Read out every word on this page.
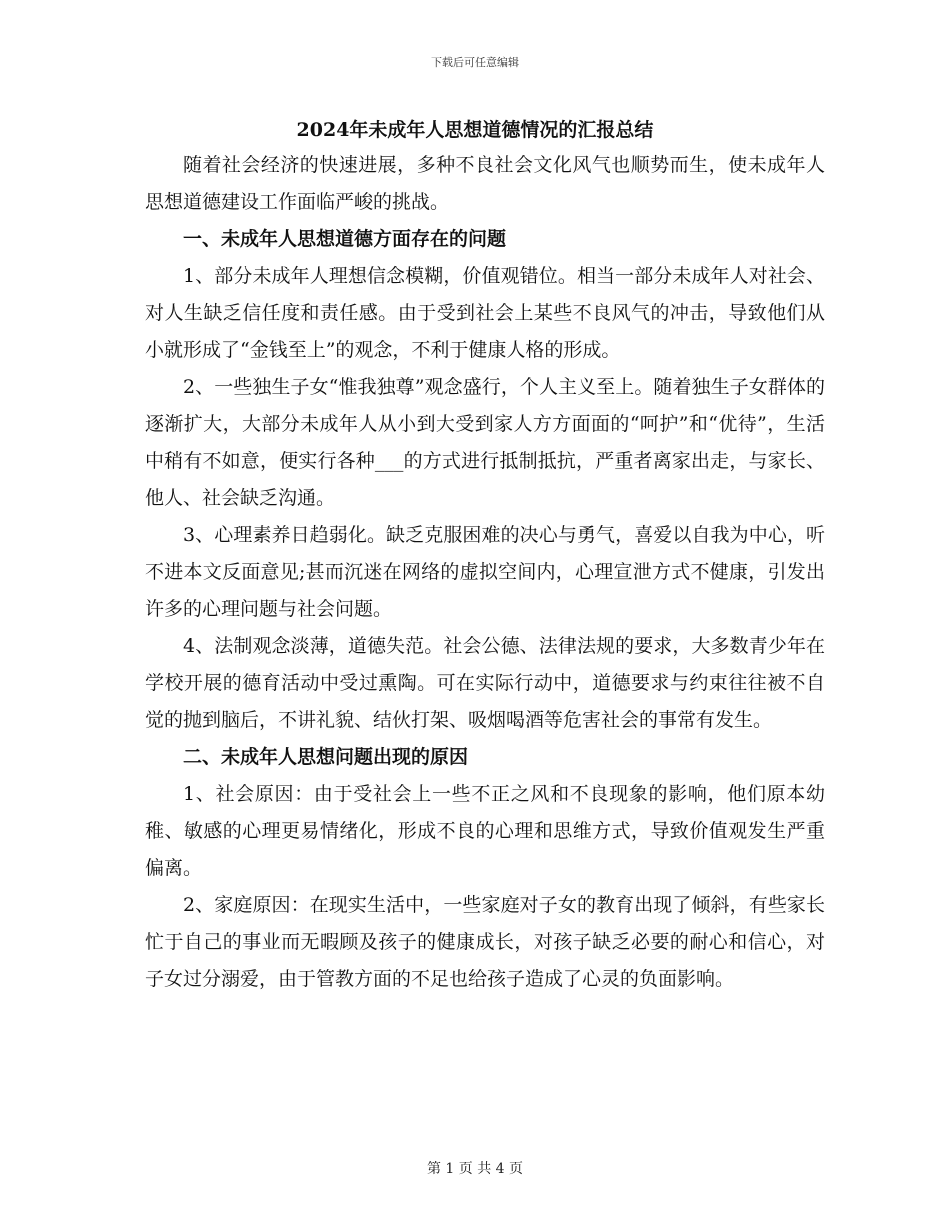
下载后可任意编辑
2024年未成年人思想道德情况的汇报总结

随着社会经济的快速进展，多种不良社会文化风气也顺势而生，使未成年人思想道德建设工作面临严峻的挑战。

一、未成年人思想道德方面存在的问题

1、部分未成年人理想信念模糊，价值观错位。相当一部分未成年人对社会、对人生缺乏信任度和责任感。由于受到社会上某些不良风气的冲击，导致他们从小就形成了“金钱至上”的观念，不利于健康人格的形成。

2、一些独生子女“惟我独尊”观念盛行，个人主义至上。随着独生子女群体的逐渐扩大，大部分未成年人从小到大受到家人方方面面的“呵护”和“优待”，生活中稍有不如意，便实行各种___的方式进行抵制抵抗，严重者离家出走，与家长、他人、社会缺乏沟通。

3、心理素养日趋弱化。缺乏克服困难的决心与勇气，喜爱以自我为中心，听不进本文反面意见;甚而沉迷在网络的虚拟空间内，心理宣泄方式不健康，引发出许多的心理问题与社会问题。

4、法制观念淡薄，道德失范。社会公德、法律法规的要求，大多数青少年在学校开展的德育活动中受过熏陶。可在实际行动中，道德要求与约束往往被不自觉的抛到脑后，不讲礼貌、结伙打架、吸烟喝酒等危害社会的事常有发生。

二、未成年人思想问题出现的原因

1、社会原因：由于受社会上一些不正之风和不良现象的影响，他们原本幼稚、敏感的心理更易情绪化，形成不良的心理和思维方式，导致价值观发生严重偏离。

2、家庭原因：在现实生活中，一些家庭对子女的教育出现了倾斜，有些家长忙于自己的事业而无暇顾及孩子的健康成长，对孩子缺乏必要的耐心和信心，对子女过分溺爱，由于管教方面的不足也给孩子造成了心灵的负面影响。

第 1 页 共 4 页
